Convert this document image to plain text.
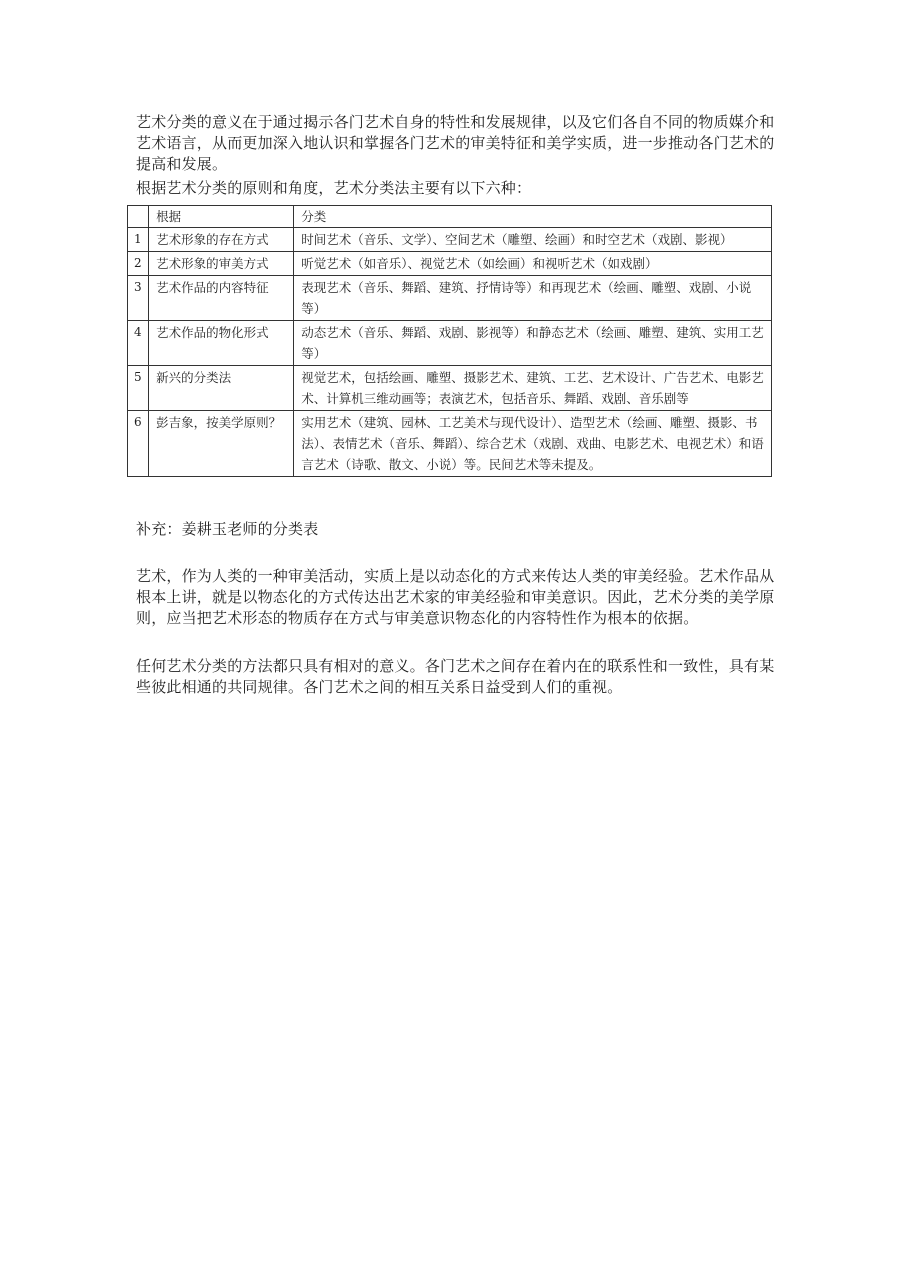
艺术分类的意义在于通过揭示各门艺术自身的特性和发展规律，以及它们各自不同的物质媒介和艺术语言，从而更加深入地认识和掌握各门艺术的审美特征和美学实质，进一步推动各门艺术的提高和发展。

根据艺术分类的原则和角度，艺术分类法主要有以下六种：

	根据	分类
1	艺术形象的存在方式	时间艺术（音乐、文学）、空间艺术（雕塑、绘画）和时空艺术（戏剧、影视）
2	艺术形象的审美方式	听觉艺术（如音乐）、视觉艺术（如绘画）和视听艺术（如戏剧）
3	艺术作品的内容特征	表现艺术（音乐、舞蹈、建筑、抒情诗等）和再现艺术（绘画、雕塑、戏剧、小说等）
4	艺术作品的物化形式	动态艺术（音乐、舞蹈、戏剧、影视等）和静态艺术（绘画、雕塑、建筑、实用工艺等）
5	新兴的分类法	视觉艺术，包括绘画、雕塑、摄影艺术、建筑、工艺、艺术设计、广告艺术、电影艺术、计算机三维动画等；表演艺术，包括音乐、舞蹈、戏剧、音乐剧等
6	彭吉象，按美学原则？	实用艺术（建筑、园林、工艺美术与现代设计）、造型艺术（绘画、雕塑、摄影、书法）、表情艺术（音乐、舞蹈）、综合艺术（戏剧、戏曲、电影艺术、电视艺术）和语言艺术（诗歌、散文、小说）等。民间艺术等未提及。

补充：姜耕玉老师的分类表

艺术，作为人类的一种审美活动，实质上是以动态化的方式来传达人类的审美经验。艺术作品从根本上讲，就是以物态化的方式传达出艺术家的审美经验和审美意识。因此，艺术分类的美学原则，应当把艺术形态的物质存在方式与审美意识物态化的内容特性作为根本的依据。

任何艺术分类的方法都只具有相对的意义。各门艺术之间存在着内在的联系性和一致性，具有某些彼此相通的共同规律。各门艺术之间的相互关系日益受到人们的重视。
